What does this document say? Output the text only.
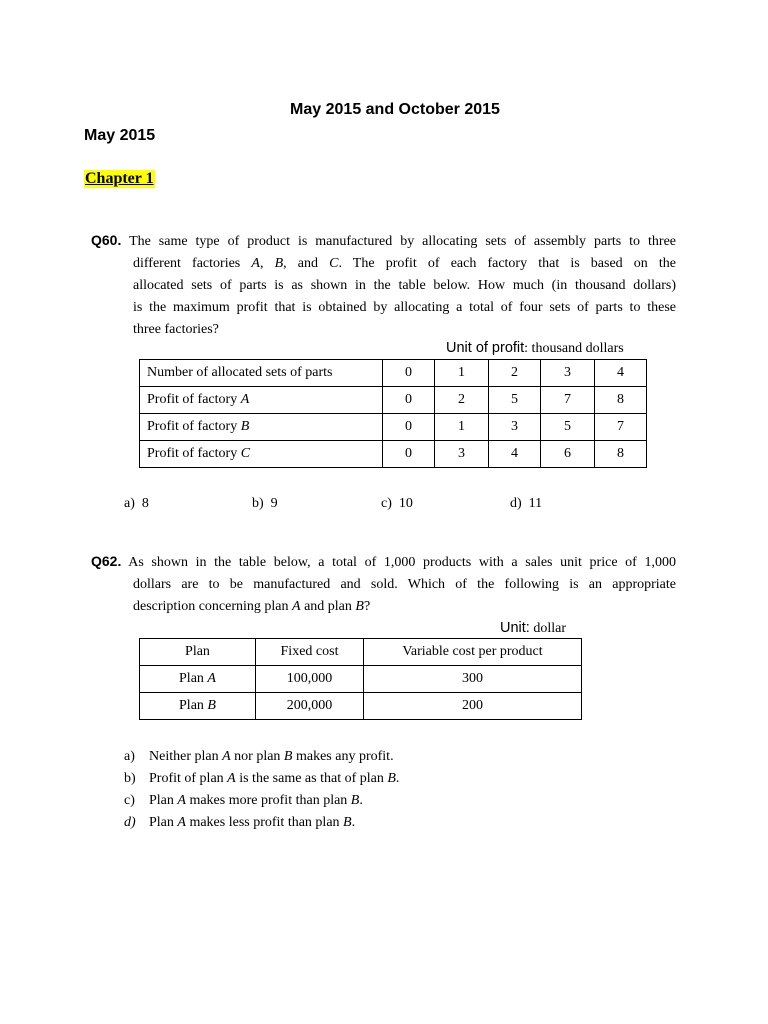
May 2015 and October 2015
May 2015
Chapter 1
Q60. The same type of product is manufactured by allocating sets of assembly parts to three
different factories A, B, and C. The profit of each factory that is based on the
allocated sets of parts is as shown in the table below. How much (in thousand dollars)
is the maximum profit that is obtained by allocating a total of four sets of parts to these
three factories?
Unit of profit: thousand dollars
Number of allocated sets of parts	0	1	2	3	4
Profit of factory A	0	2	5	7	8
Profit of factory B	0	1	3	5	7
Profit of factory C	0	3	4	6	8
a) 8	b) 9	c) 10	d) 11
Q62. As shown in the table below, a total of 1,000 products with a sales unit price of 1,000
dollars are to be manufactured and sold. Which of the following is an appropriate
description concerning plan A and plan B?
Unit: dollar
Plan	Fixed cost	Variable cost per product
Plan A	100,000	300
Plan B	200,000	200
a) Neither plan A nor plan B makes any profit.
b) Profit of plan A is the same as that of plan B.
c) Plan A makes more profit than plan B.
d) Plan A makes less profit than plan B.
